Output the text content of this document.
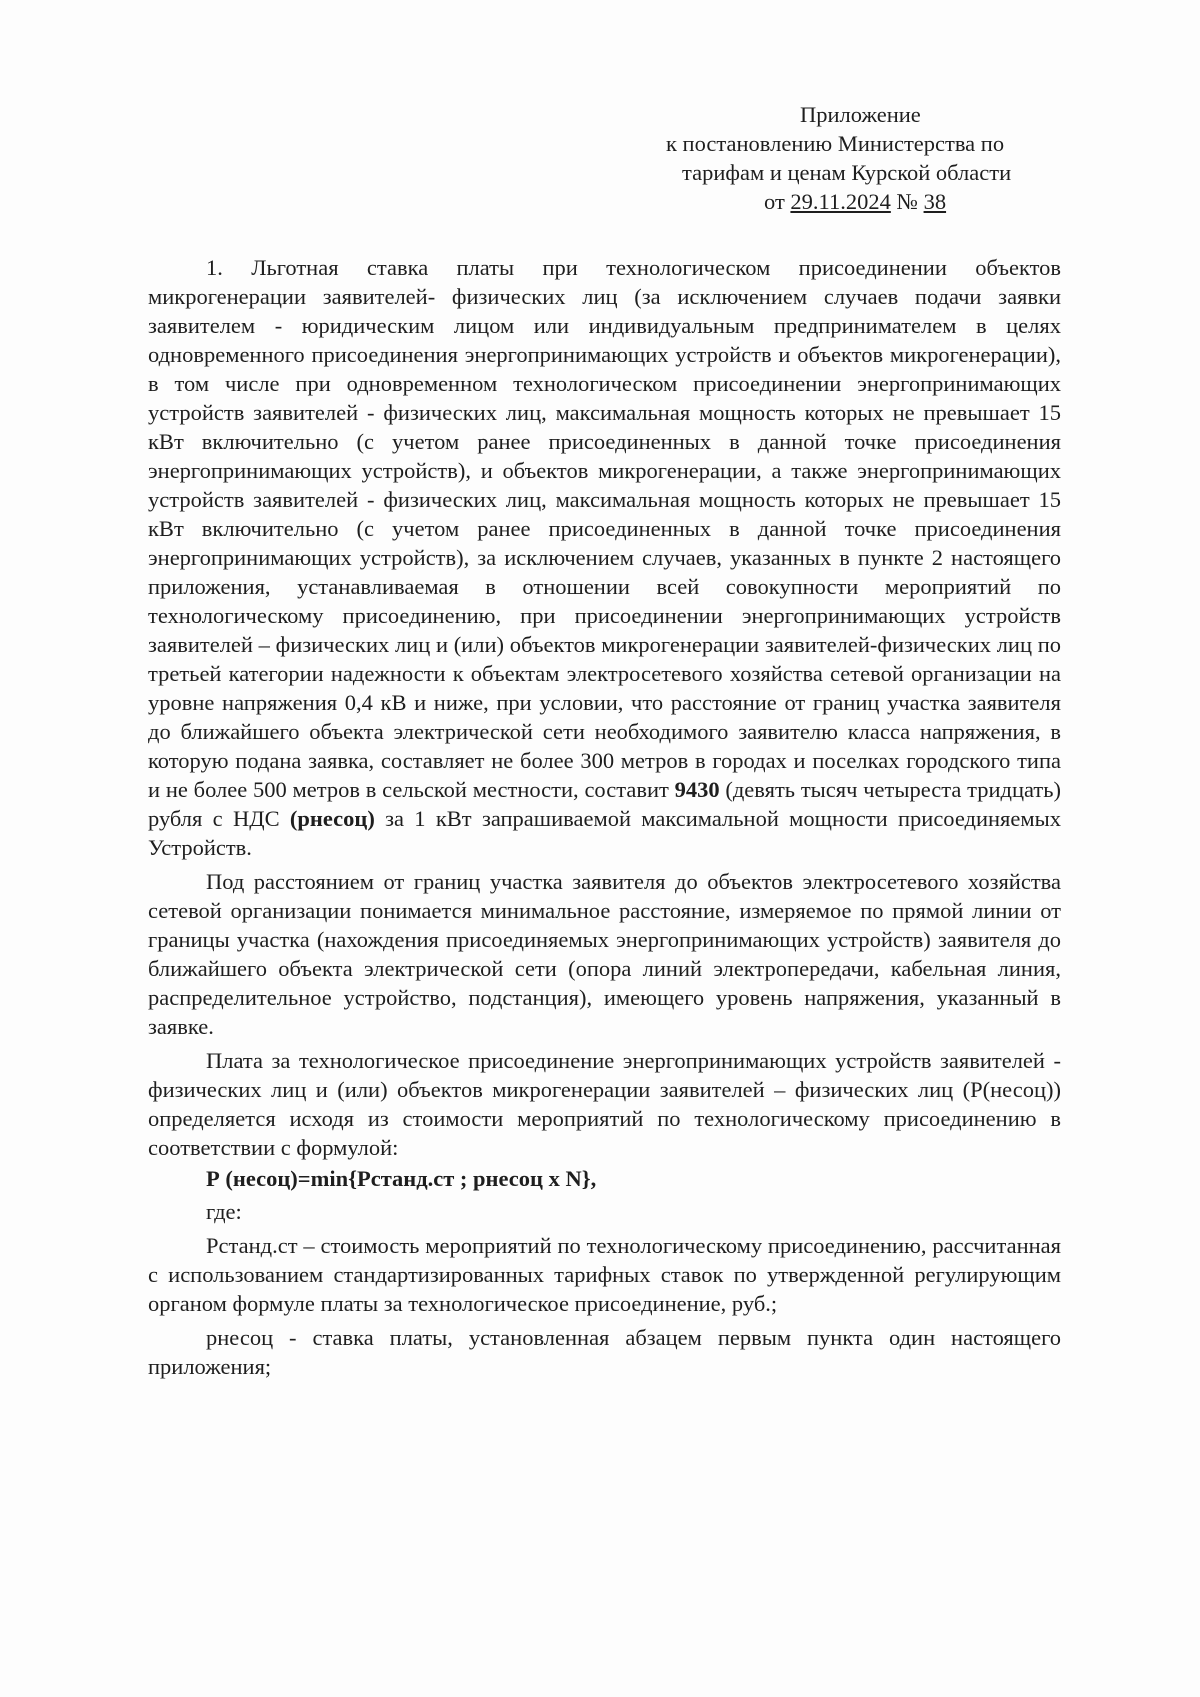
Приложение
к постановлению Министерства по
тарифам и ценам Курской области
от 29.11.2024 № 38

1. Льготная ставка платы при технологическом присоединении объектов микрогенерации заявителей- физических лиц (за исключением случаев подачи заявки заявителем - юридическим лицом или индивидуальным предпринимателем в целях одновременного присоединения энергопринимающих устройств и объектов микрогенерации), в том числе при одновременном технологическом присоединении энергопринимающих устройств заявителей - физических лиц, максимальная мощность которых не превышает 15 кВт включительно (с учетом ранее присоединенных в данной точке присоединения энергопринимающих устройств), и объектов микрогенерации, а также энергопринимающих устройств заявителей - физических лиц, максимальная мощность которых не превышает 15 кВт включительно (с учетом ранее присоединенных в данной точке присоединения энергопринимающих устройств), за исключением случаев, указанных в пункте 2 настоящего приложения, устанавливаемая в отношении всей совокупности мероприятий по технологическому присоединению, при присоединении энергопринимающих устройств заявителей – физических лиц и (или) объектов микрогенерации заявителей-физических лиц по третьей категории надежности к объектам электросетевого хозяйства сетевой организации на уровне напряжения 0,4 кВ и ниже, при условии, что расстояние от границ участка заявителя до ближайшего объекта электрической сети необходимого заявителю класса напряжения, в которую подана заявка, составляет не более 300 метров в городах и поселках городского типа и не более 500 метров в сельской местности, составит 9430 (девять тысяч четыреста тридцать) рубля с НДС (рнесоц) за 1 кВт запрашиваемой максимальной мощности присоединяемых Устройств.

Под расстоянием от границ участка заявителя до объектов электросетевого хозяйства сетевой организации понимается минимальное расстояние, измеряемое по прямой линии от границы участка (нахождения присоединяемых энергопринимающих устройств) заявителя до ближайшего объекта электрической сети (опора линий электропередачи, кабельная линия, распределительное устройство, подстанция), имеющего уровень напряжения, указанный в заявке.

Плата за технологическое присоединение энергопринимающих устройств заявителей - физических лиц и (или) объектов микрогенерации заявителей – физических лиц (Р(несоц)) определяется исходя из стоимости мероприятий по технологическому присоединению в соответствии с формулой:

Р (несоц)=min{Рстанд.ст ; рнесоц x N},
где:

Рстанд.ст – стоимость мероприятий по технологическому присоединению, рассчитанная с использованием стандартизированных тарифных ставок по утвержденной регулирующим органом формуле платы за технологическое присоединение, руб.;

рнесоц - ставка платы, установленная абзацем первым пункта один настоящего приложения;
